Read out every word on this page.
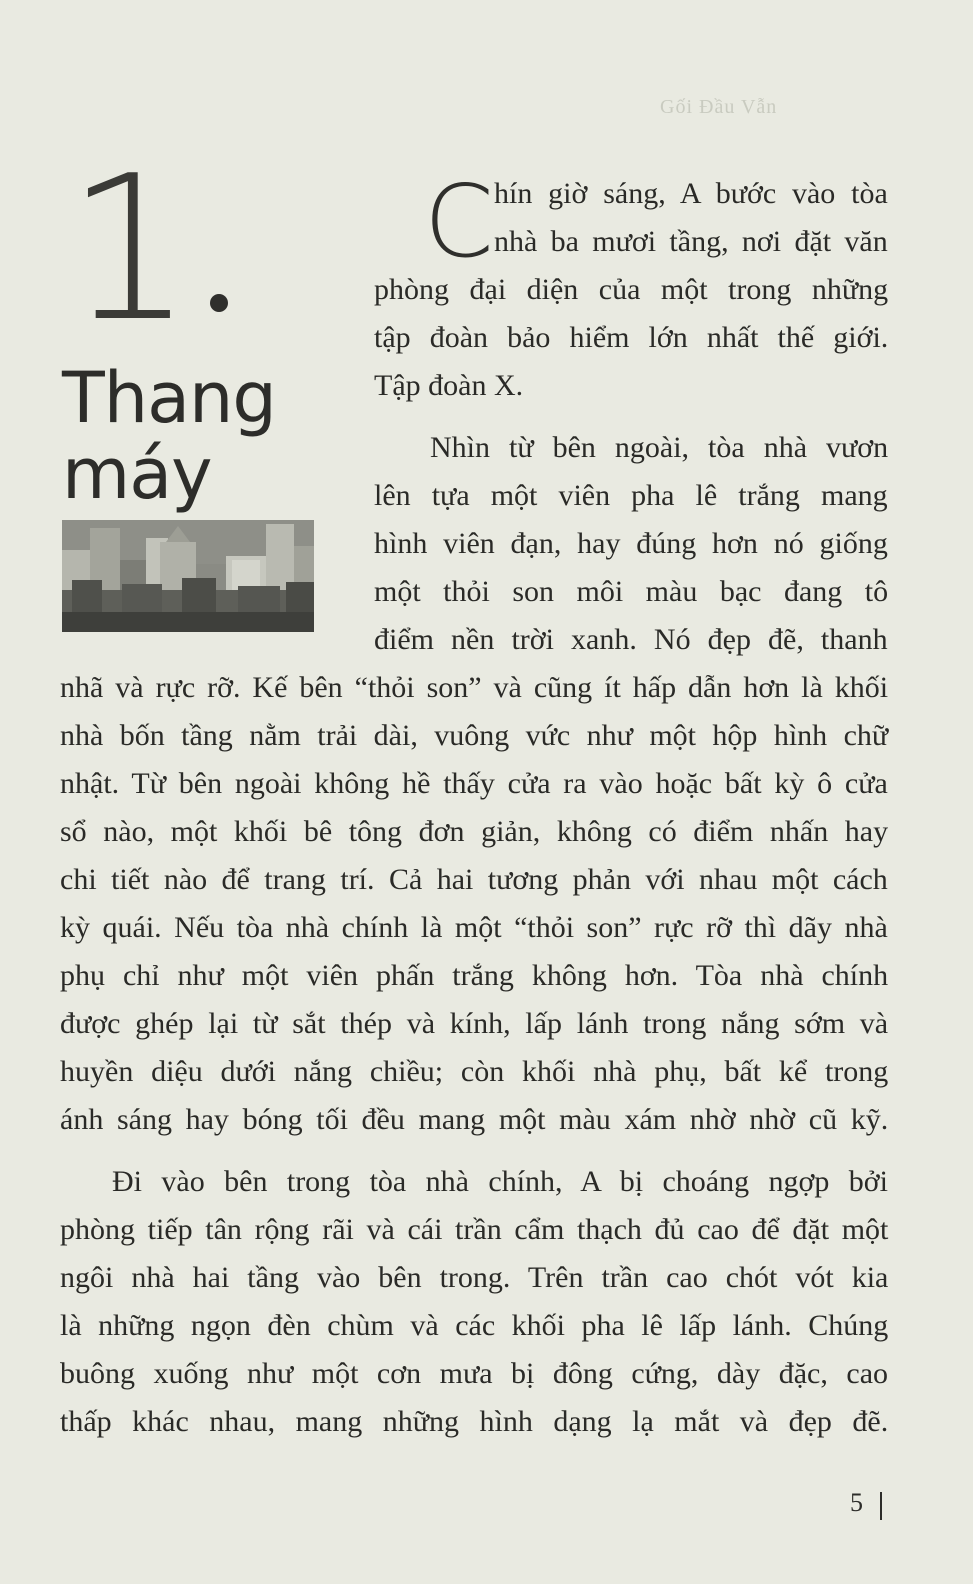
Gối Đầu Vẫn
1
Thang
máy
C hín giờ sáng, A bước vào tòa
nhà ba mươi tầng, nơi đặt văn
phòng đại diện của một trong những
tập đoàn bảo hiểm lớn nhất thế giới.
Tập đoàn X.
Nhìn từ bên ngoài, tòa nhà vươn
lên tựa một viên pha lê trắng mang
hình viên đạn, hay đúng hơn nó giống
một thỏi son môi màu bạc đang tô
điểm nền trời xanh. Nó đẹp đẽ, thanh
nhã và rực rỡ. Kế bên “thỏi son” và cũng ít hấp dẫn hơn là khối
nhà bốn tầng nằm trải dài, vuông vức như một hộp hình chữ
nhật. Từ bên ngoài không hề thấy cửa ra vào hoặc bất kỳ ô cửa
sổ nào, một khối bê tông đơn giản, không có điểm nhấn hay
chi tiết nào để trang trí. Cả hai tương phản với nhau một cách
kỳ quái. Nếu tòa nhà chính là một “thỏi son” rực rỡ thì dãy nhà
phụ chỉ như một viên phấn trắng không hơn. Tòa nhà chính
được ghép lại từ sắt thép và kính, lấp lánh trong nắng sớm và
huyền diệu dưới nắng chiều; còn khối nhà phụ, bất kể trong
ánh sáng hay bóng tối đều mang một màu xám nhờ nhờ cũ kỹ.
Đi vào bên trong tòa nhà chính, A bị choáng ngợp bởi
phòng tiếp tân rộng rãi và cái trần cẩm thạch đủ cao để đặt một
ngôi nhà hai tầng vào bên trong. Trên trần cao chót vót kia
là những ngọn đèn chùm và các khối pha lê lấp lánh. Chúng
buông xuống như một cơn mưa bị đông cứng, dày đặc, cao
thấp khác nhau, mang những hình dạng lạ mắt và đẹp đẽ.
5
